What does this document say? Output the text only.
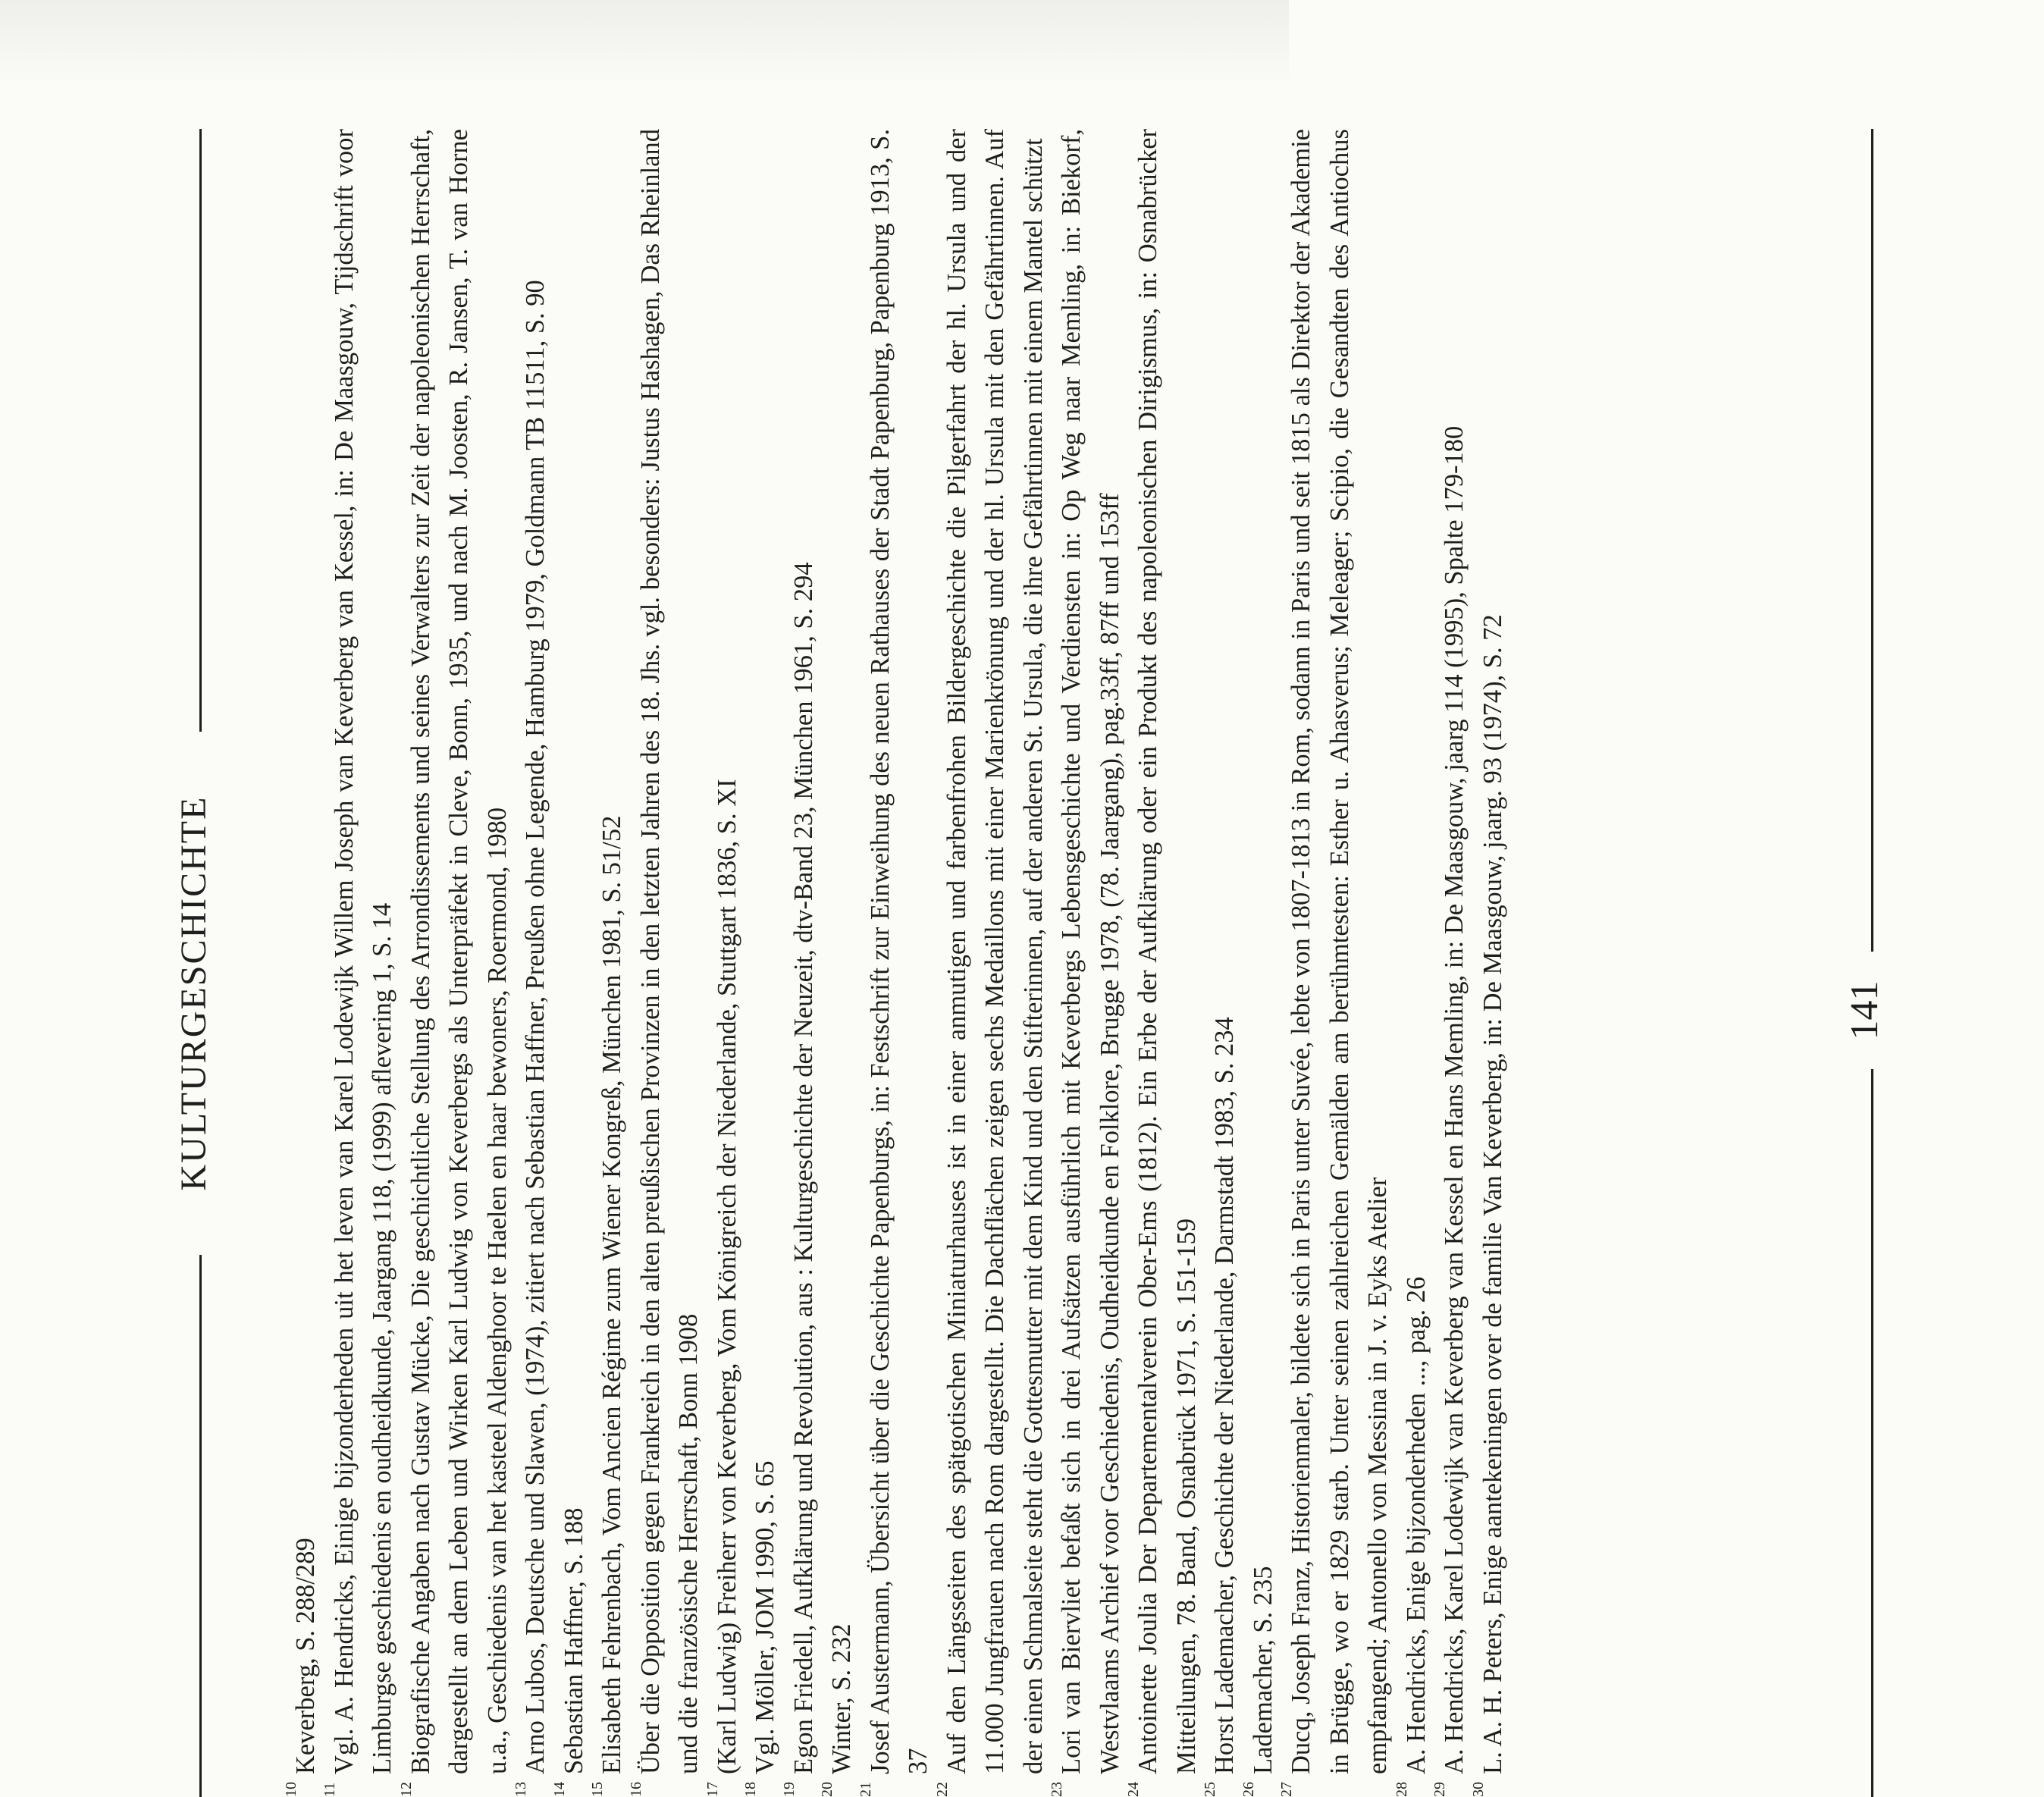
KULTURGESCHICHTE
10
Keverberg, S. 288/289
11
Vgl. A. Hendricks, Einige bijzonderheden uit het leven van Karel Lodewijk Willem Joseph van Keverberg van Kessel, in: De Maasgouw, Tijdschrift voor Limburgse geschiedenis en oudheidkunde, Jaargang 118, (1999) aflevering 1, S. 14
12
Biografische Angaben nach Gustav Mücke, Die geschichtliche Stellung des Arrondissements und seines Verwalters zur Zeit der napoleonischen Herrschaft, dargestellt an dem Leben und Wirken Karl Ludwig von Keverbergs als Unterpräfekt in Cleve, Bonn, 1935, und nach M. Joosten, R. Jansen, T. van Horne u.a., Geschiedenis van het kasteel Aldenghoor te Haelen en haar bewoners, Roermond, 1980
13
Arno Lubos, Deutsche und Slawen, (1974), zitiert nach Sebastian Haffner, Preußen ohne Legende, Hamburg 1979, Goldmann TB 11511, S. 90
14
Sebastian Haffner, S. 188
15
Elisabeth Fehrenbach, Vom Ancien Régime zum Wiener Kongreß, München 1981, S. 51/52
16
Über die Opposition gegen Frankreich in den alten preußischen Provinzen in den letzten Jahren des 18. Jhs. vgl. besonders: Justus Hashagen, Das Rheinland und die französische Herrschaft, Bonn 1908
17
(Karl Ludwig) Freiherr von Keverberg, Vom Königreich der Niederlande, Stuttgart 1836, S. XI
18
Vgl. Möller, JOM 1990, S. 65
19
Egon Friedell, Aufklärung und Revolution, aus : Kulturgeschichte der Neuzeit, dtv-Band 23, München 1961, S. 294
20
Winter, S. 232
21
Josef Austermann, Übersicht über die Geschichte Papenburgs, in: Festschrift zur Einweihung des neuen Rathauses der Stadt Papenburg, Papenburg 1913, S. 37
22
Auf den Längsseiten des spätgotischen Miniaturhauses ist in einer anmutigen und farbenfrohen Bildergeschichte die Pilgerfahrt der hl. Ursula und der 11.000 Jungfrauen nach Rom dargestellt. Die Dachflächen zeigen sechs Medaillons mit einer Marienkrönung und der hl. Ursula mit den Gefährtinnen. Auf der einen Schmalseite steht die Gottesmutter mit dem Kind und den Stifterinnen, auf der anderen St. Ursula, die ihre Gefährtinnen mit einem Mantel schützt
23
Lori van Biervliet befaßt sich in drei Aufsätzen ausführlich mit Keverbergs Lebensgeschichte und Verdiensten in: Op Weg naar Memling, in: Biekorf, Westvlaams Archief voor Geschiedenis, Oudheidkunde en Folklore, Brugge 1978, (78. Jaargang), pag.33ff, 87ff und 153ff
24
Antoinette Joulia Der Departementalverein Ober-Ems (1812). Ein Erbe der Aufklärung oder ein Produkt des napoleonischen Dirigismus, in: Osnabrücker Mitteilungen, 78. Band, Osnabrück 1971, S. 151-159
25
Horst Lademacher, Geschichte der Niederlande, Darmstadt 1983, S. 234
26
Lademacher, S. 235
27
Ducq, Joseph Franz, Historienmaler, bildete sich in Paris unter Suvée, lebte von 1807-1813 in Rom, sodann in Paris und seit 1815 als Direktor der Akademie in Brügge, wo er 1829 starb. Unter seinen zahlreichen Gemälden am berühmtesten: Esther u. Ahasverus; Meleager; Scipio, die Gesandten des Antiochus empfangend; Antonello von Messina in J. v. Eyks Atelier
28
A. Hendricks, Enige bijzonderheden ..., pag. 26
29
A. Hendricks, Karel Lodewijk van Keverberg van Kessel en Hans Memling, in: De Maasgouw, jaarg 114 (1995), Spalte 179-180
30
L. A. H. Peters, Enige aantekeningen over de familie Van Keverberg, in: De Maasgouw, jaarg. 93 (1974), S. 72	141
